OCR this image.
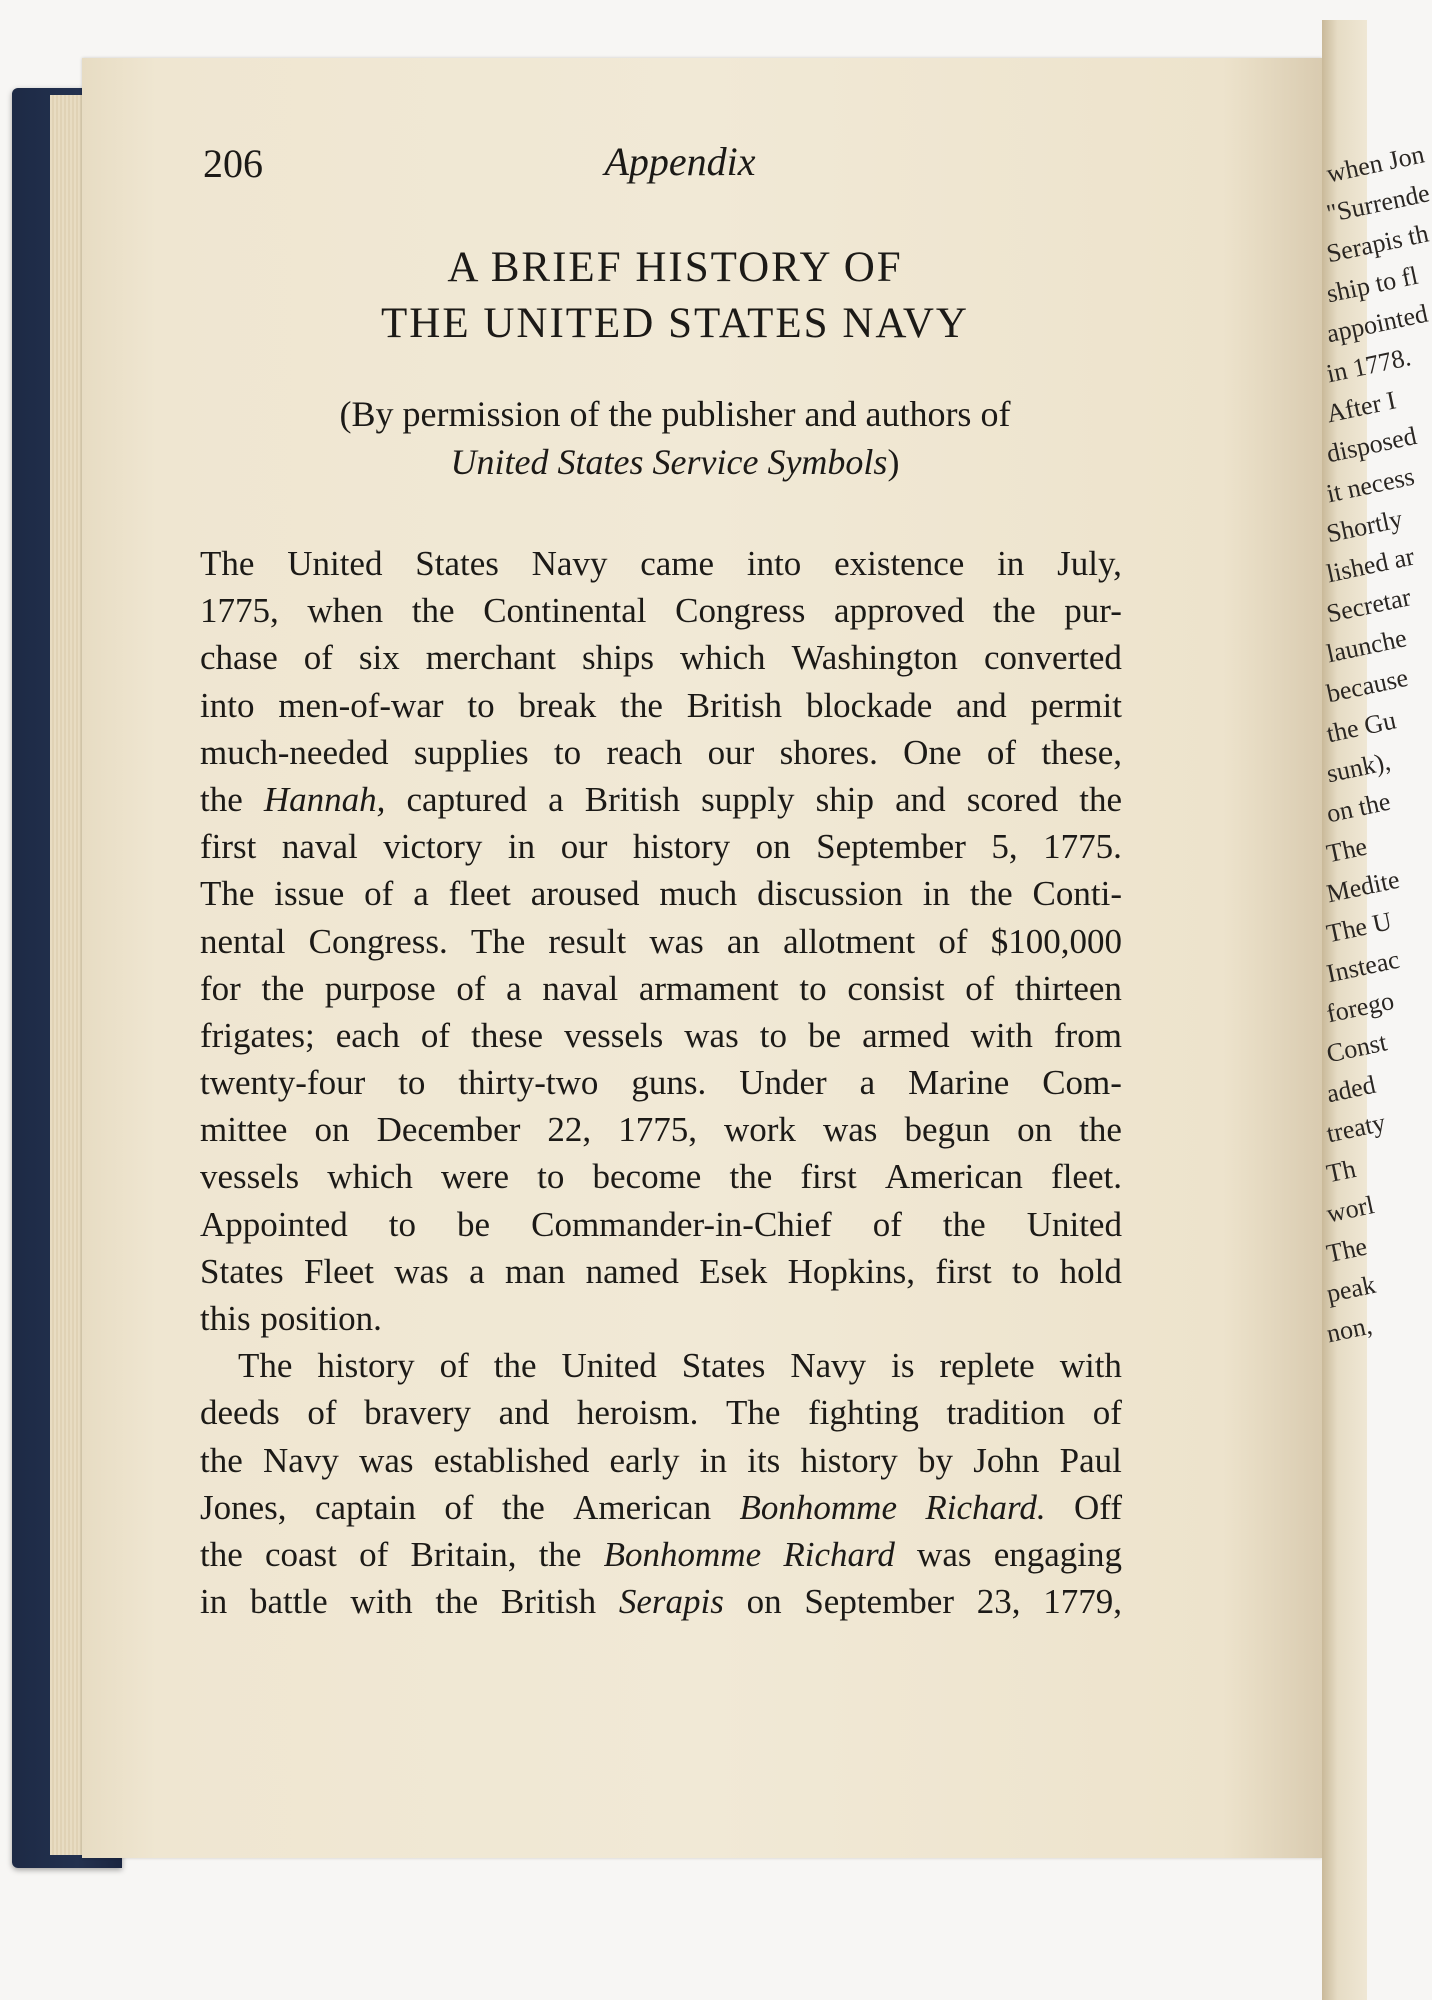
206	Appendix
A BRIEF HISTORY OF
THE UNITED STATES NAVY
(By permission of the publisher and authors of
United States Service Symbols)
The United States Navy came into existence in July,
1775, when the Continental Congress approved the pur-
chase of six merchant ships which Washington converted
into men-of-war to break the British blockade and permit
much-needed supplies to reach our shores. One of these,
the Hannah, captured a British supply ship and scored the
first naval victory in our history on September 5, 1775.
The issue of a fleet aroused much discussion in the Conti-
nental Congress. The result was an allotment of $100,000
for the purpose of a naval armament to consist of thirteen
frigates; each of these vessels was to be armed with from
twenty-four to thirty-two guns. Under a Marine Com-
mittee on December 22, 1775, work was begun on the
vessels which were to become the first American fleet.
Appointed to be Commander-in-Chief of the United
States Fleet was a man named Esek Hopkins, first to hold
this position.
The history of the United States Navy is replete with
deeds of bravery and heroism. The fighting tradition of
the Navy was established early in its history by John Paul
Jones, captain of the American Bonhomme Richard. Off
the coast of Britain, the Bonhomme Richard was engaging
in battle with the British Serapis on September 23, 1779,
when Jon
"Surrende
Serapis th
ship to fl
appointed
in 1778.
After I
disposed
it necess
Shortly
lished ar
Secretar
launche
because
the Gu
sunk),
on the
The
Medite
The U
Insteac
forego
Const
aded
treaty
Th
worl
The
peak
non,
